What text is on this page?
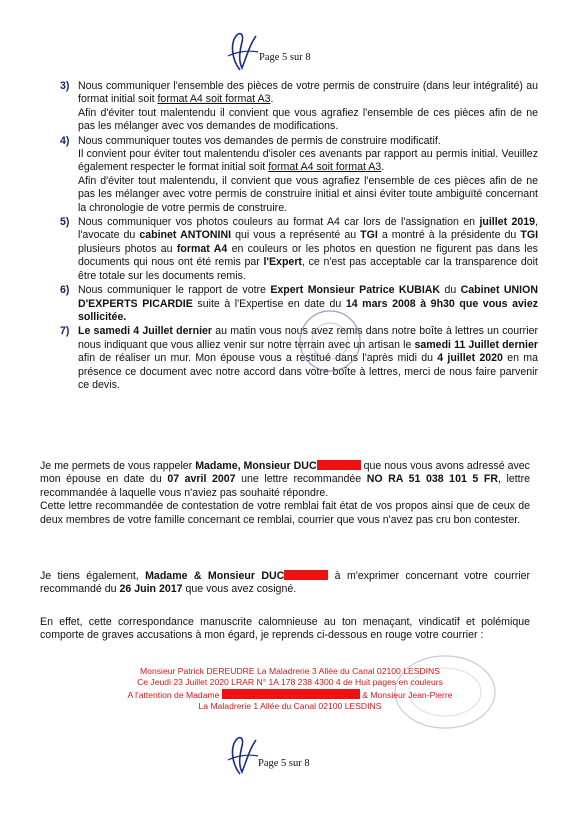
Page 5 sur 8
3) Nous communiquer l'ensemble des pièces de votre permis de construire (dans leur intégralité) au format initial soit format A4 soit format A3.

Afin d'éviter tout malentendu il convient que vous agrafiez l'ensemble de ces pièces afin de ne pas les mélanger avec vos demandes de modifications.

4) Nous communiquer toutes vos demandes de permis de construire modificatif.

Il convient pour éviter tout malentendu d'isoler ces avenants par rapport au permis initial. Veuillez également respecter le format initial soit format A4 soit format A3.

Afin d'éviter tout malentendu, il convient que vous agrafiez l'ensemble de ces pièces afin de ne pas les mélanger avec votre permis de construire initial et ainsi éviter toute ambiguïté concernant la chronologie de votre permis de construire.

5) Nous communiquer vos photos couleurs au format A4 car lors de l'assignation en juillet 2019, l'avocate du cabinet ANTONINI qui vous a représenté au TGI a montré à la présidente du TGI plusieurs photos au format A4 en couleurs or les photos en question ne figurent pas dans les documents qui nous ont été remis par l'Expert, ce n'est pas acceptable car la transparence doit être totale sur les documents remis.

6) Nous communiquer le rapport de votre Expert Monsieur Patrice KUBIAK du Cabinet UNION D'EXPERTS PICARDIE suite à l'Expertise en date du 14 mars 2008 à 9h30 que vous aviez sollicitée.

7) Le samedi 4 Juillet dernier au matin vous nous avez remis dans notre boîte à lettres un courrier nous indiquant que vous alliez venir sur notre terrain avec un artisan le samedi 11 Juillet dernier afin de réaliser un mur. Mon épouse vous a restitué dans l'après midi du 4 juillet 2020 en ma présence ce document avec notre accord dans votre boîte à lettres, merci de nous faire parvenir ce devis.

Je me permets de vous rappeler Madame, Monsieur DUC	que nous vous avons adressé avec mon épouse en date du 07 avril 2007 une lettre recommandée NO RA 51 038 101 5 FR, lettre recommandée à laquelle vous n'aviez pas souhaité répondre.
Cette lettre recommandée de contestation de votre remblai fait état de vos propos ainsi que de ceux de deux membres de votre famille concernant ce remblai, courrier que vous n'avez pas cru bon contester.
Je tiens également, Madame & Monsieur DUC	à m'exprimer concernant votre courrier recommandé du 26 Juin 2017 que vous avez cosigné.
En effet, cette correspondance manuscrite calomnieuse au ton menaçant, vindicatif et polémique comporte de graves accusations à mon égard, je reprends ci-dessous en rouge votre courrier :

Monsieur Patrick DEREUDRE La Maladrerie 3 Allée du Canal 02100 LESDINS

Ce Jeudi 23 Juillet 2020 LRAR N° 1A 178 238 4300 4 de Huit pages en couleurs

A l'attention de Madame	& Monsieur Jean-Pierre

La Maladrerie 1 Allée du Canal 02100 LESDINS

Page 5 sur 8
